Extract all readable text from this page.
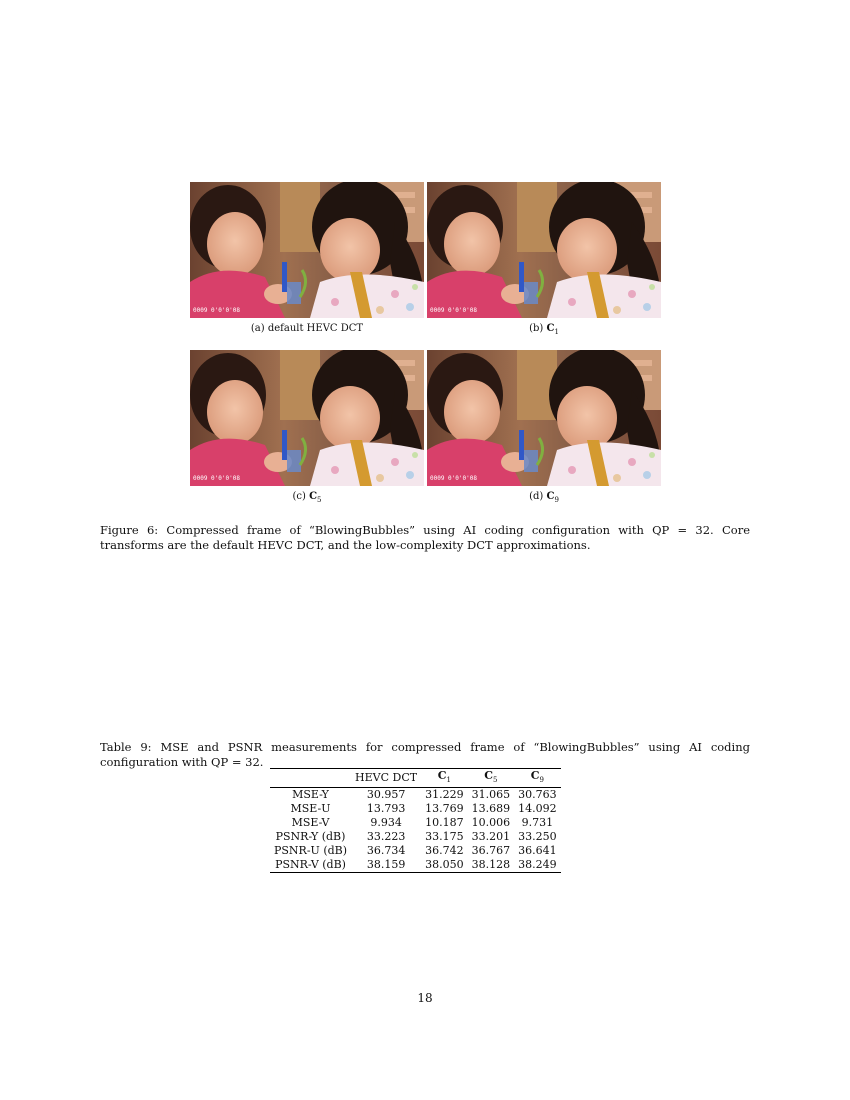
0009 0'0'0'08	0009 0'0'0'08
0009 0'0'0'08	0009 0'0'0'08
(a) default HEVC DCT	(b) $C_1$
(c) $C_5$	(d) $C_9$
Figure 6: Compressed frame of “BlowingBubbles” using AI coding configuration with QP = 32. Core transforms are the default HEVC DCT, and the low-complexity DCT approximations.
Table 9: MSE and PSNR measurements for compressed frame of “BlowingBubbles” using AI coding configuration with QP = 32.
	HEVC DCT	$C_1$	$C_5$	$C_9$
MSE-Y	30.957	31.229	31.065	30.763
MSE-U	13.793	13.769	13.689	14.092
MSE-V	9.934	10.187	10.006	9.731
PSNR-Y (dB)	33.223	33.175	33.201	33.250
PSNR-U (dB)	36.734	36.742	36.767	36.641
PSNR-V (dB)	38.159	38.050	38.128	38.249
18
